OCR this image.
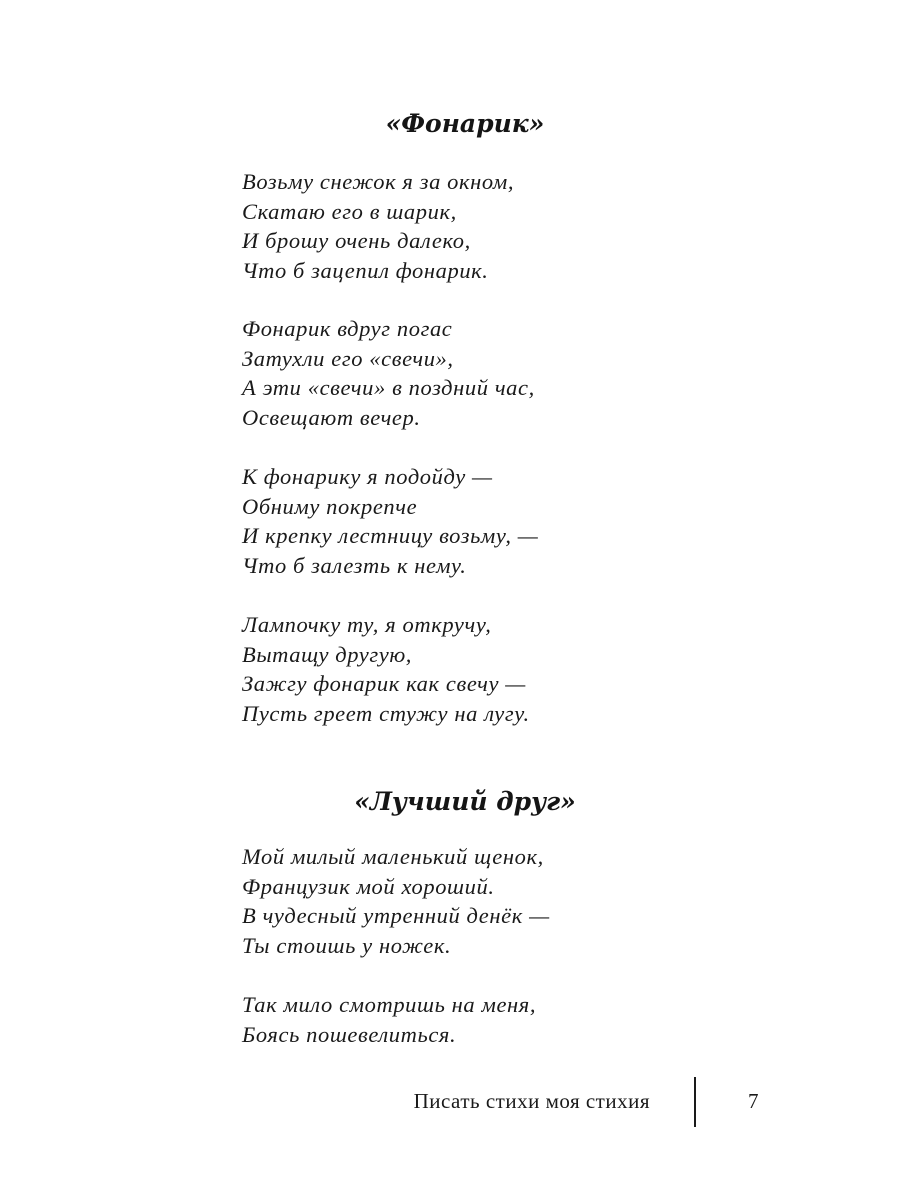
«Фонарик»

Возьму снежок я за окном,
Скатаю его в шарик,
И брошу очень далеко,
Что б зацепил фонарик.

Фонарик вдруг погас
Затухли его «свечи»,
А эти «свечи» в поздний час,
Освещают вечер.

К фонарику я подойду —
Обниму покрепче
И крепку лестницу возьму, —
Что б залезть к нему.

Лампочку ту, я откручу,
Вытащу другую,
Зажгу фонарик как свечу —
Пусть греет стужу на лугу.

«Лучший друг»

Мой милый маленький щенок,
Французик мой хороший.
В чудесный утренний денёк —
Ты стоишь у ножек.

Так мило смотришь на меня,
Боясь пошевелиться.

Писать стихи моя стихия	7
